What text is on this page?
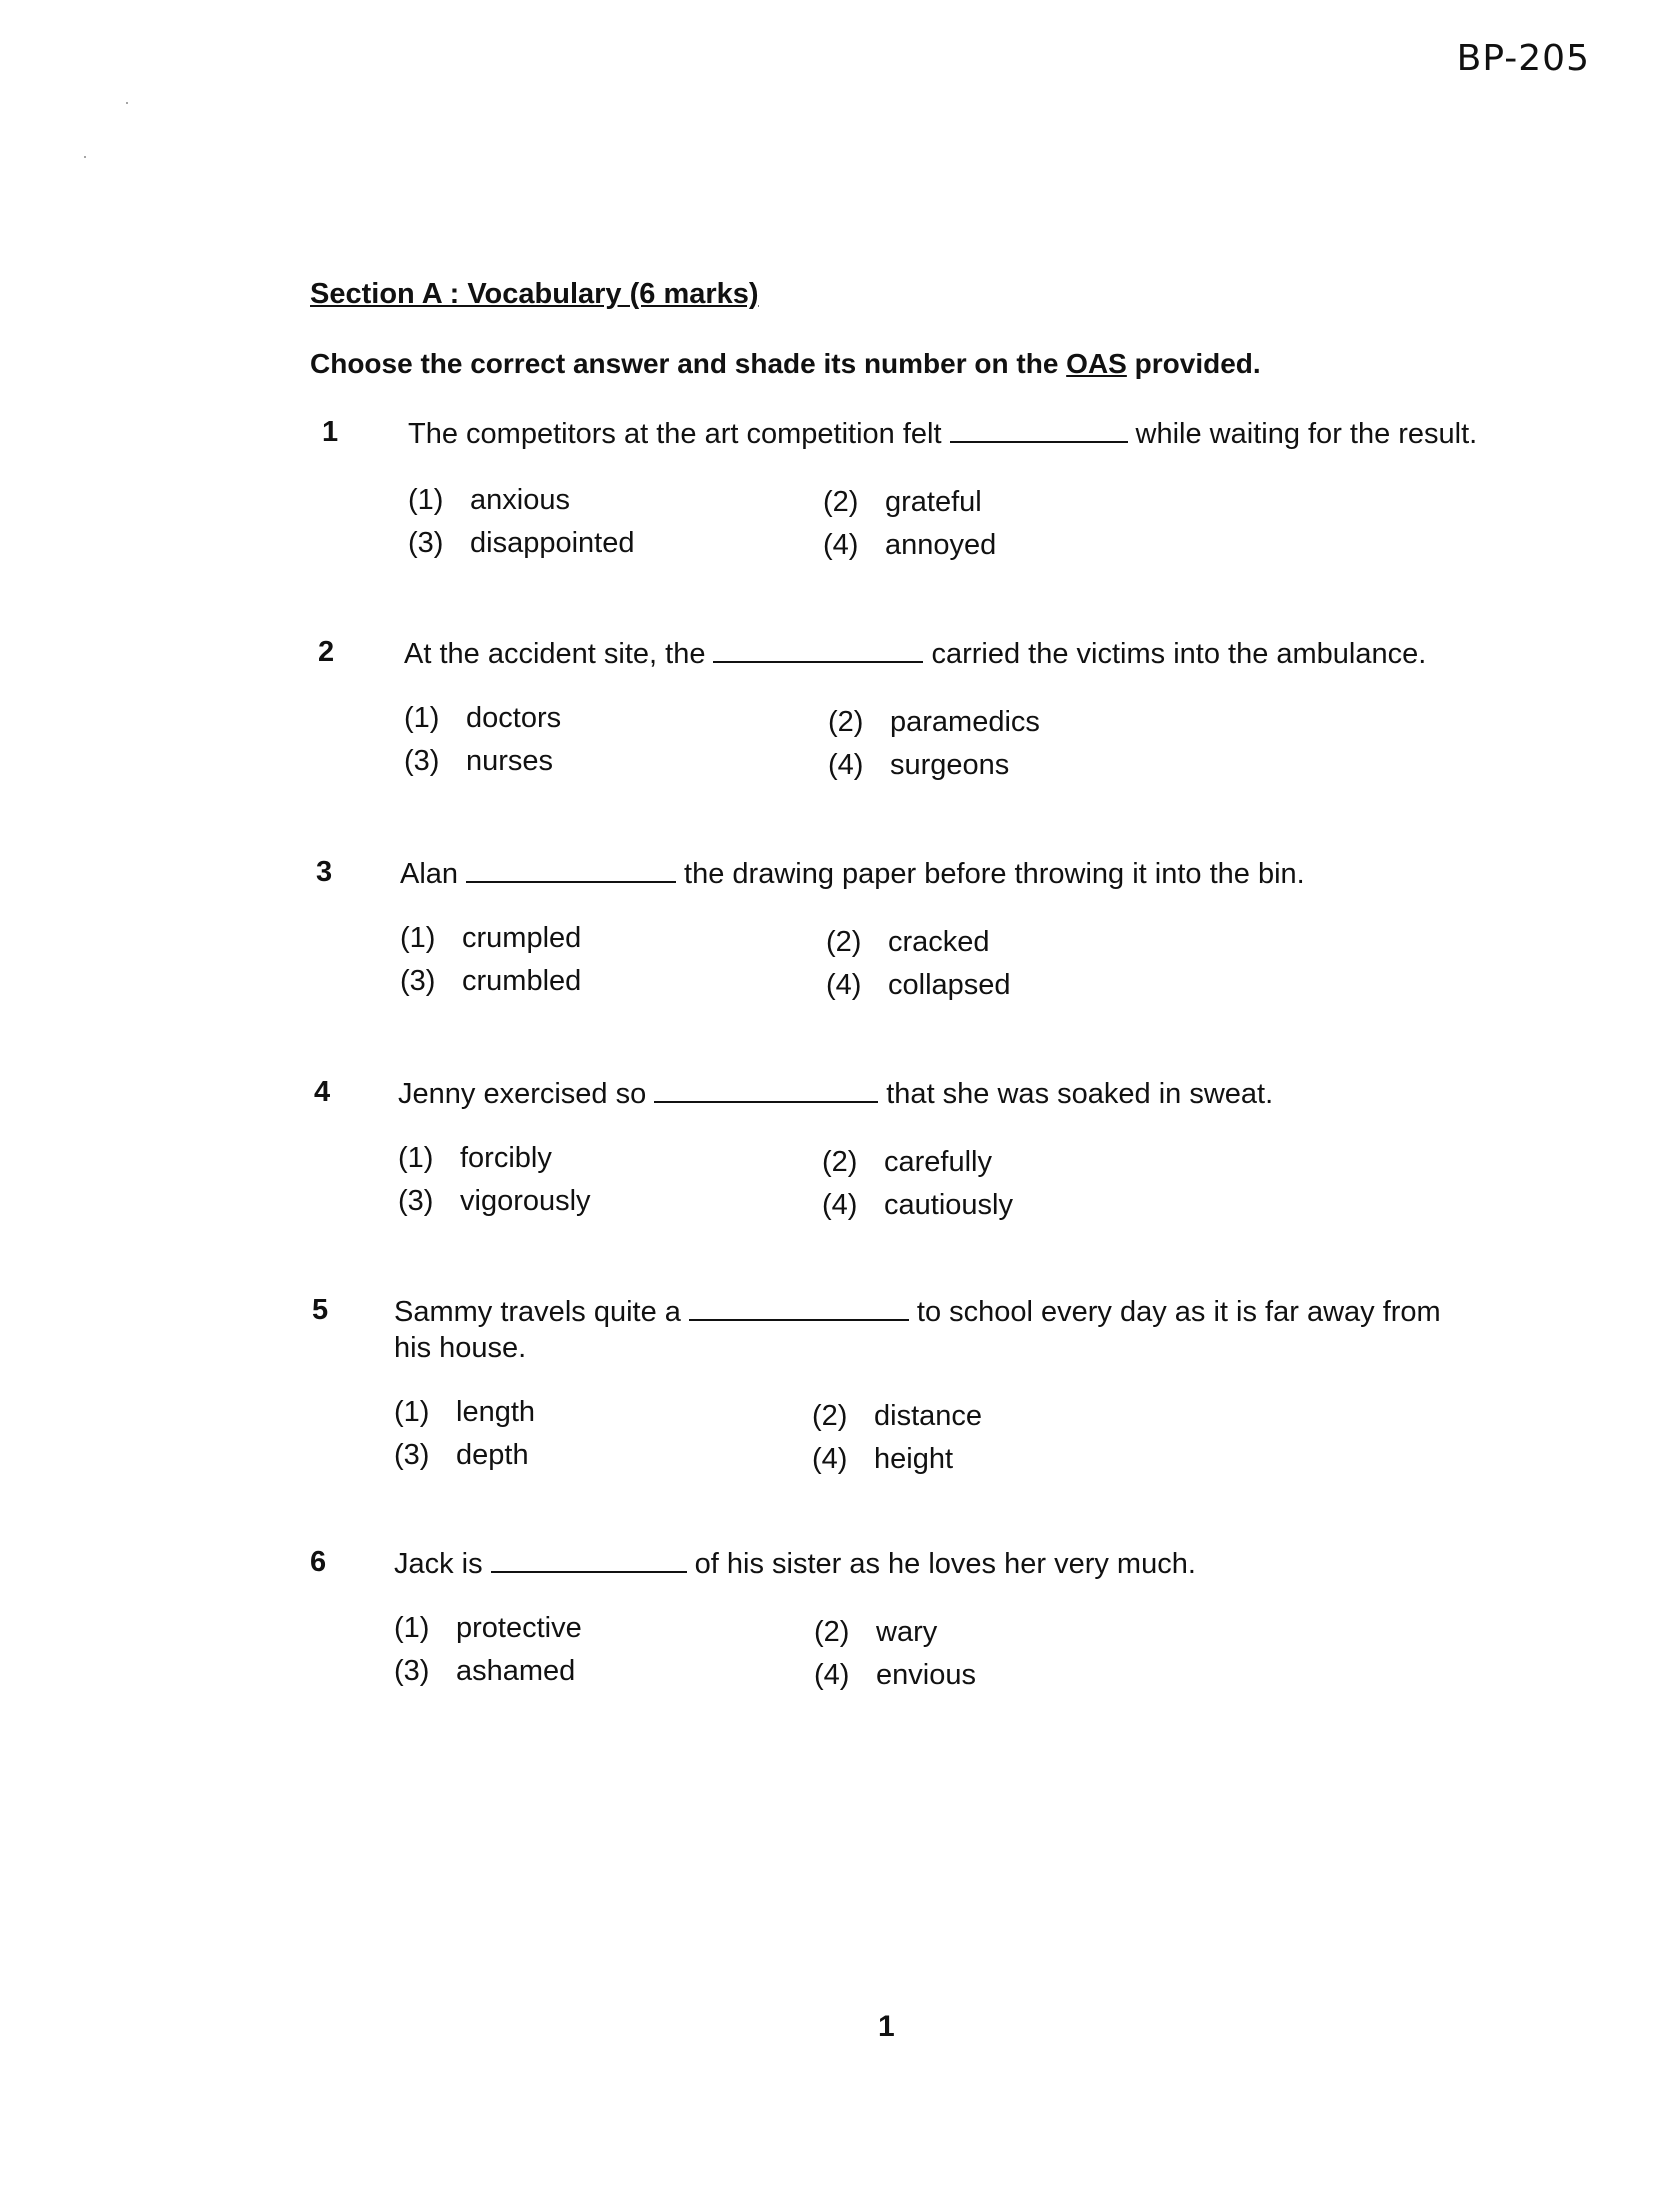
BP-205
Section A : Vocabulary (6 marks)
Choose the correct answer and shade its number on the OAS provided.
1	The competitors at the art competition felt	while waiting for the result.
(1) anxious	(2) grateful
(3) disappointed	(4) annoyed
2	At the accident site, the	carried the victims into the ambulance.
(1) doctors	(2) paramedics
(3) nurses	(4) surgeons
3	Alan	the drawing paper before throwing it into the bin.
(1) crumpled	(2) cracked
(3) crumbled	(4) collapsed
4	Jenny exercised so	that she was soaked in sweat.
(1) forcibly	(2) carefully
(3) vigorously	(4) cautiously
5	Sammy travels quite a	to school every day as it is far away from his house.
(1) length	(2) distance
(3) depth	(4) height
6	Jack is	of his sister as he loves her very much.
(1) protective	(2) wary
(3) ashamed	(4) envious
1
